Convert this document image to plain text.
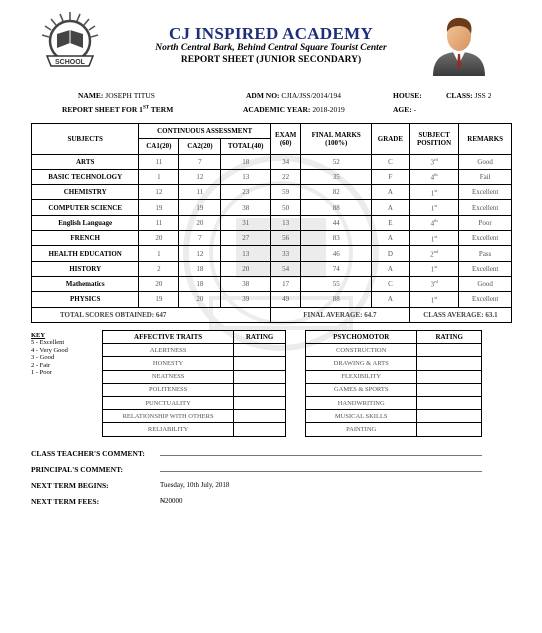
SCHOOL
CJ INSPIRED ACADEMY
North Central Bark, Behind Central Square Tourist Center
REPORT SHEET (JUNIOR SECONDARY)
NAME: JOSEPH TITUS	ADM NO: CJIA/JSS/2014/194	HOUSE:	CLASS: JSS 2
REPORT SHEET FOR 1ST TERM	ACADEMIC YEAR: 2018-2019	AGE: -
SUBJECTS	CONTINUOUS ASSESSMENT			EXAM (60)	FINAL MARKS (100%)	GRADE	SUBJECT POSITION	REMARKS
	CA1(20)	CA2(20)	TOTAL(40)					
ARTS	11	7	18	34	52	C	3rd	Good
BASIC TECHNOLOGY	1	12	13	22	35	F	4th	Fail
CHEMISTRY	12	11	23	59	82	A	1st	Excellent
COMPUTER SCIENCE	19	19	38	50	88	A	1st	Excellent
English Language	11	20	31	13	44	E	4th	Poor
FRENCH	20	7	27	56	83	A	1st	Excellent
HEALTH EDUCATION	1	12	13	33	46	D	2nd	Pass
HISTORY	2	18	20	54	74	A	1st	Excellent
Mathematics	20	18	38	17	55	C	3rd	Good
PHYSICS	19	20	39	49	88	A	1st	Excellent
TOTAL SCORES OBTAINED: 647				FINAL AVERAGE: 64.7			CLASS AVERAGE: 63.1	
KEY
5 - Excellent
4 - Very Good
3 - Good
2 - Fair
1 - Poor
AFFECTIVE TRAITS	RATING
ALERTNESS	
HONESTY	
NEATNESS	
POLITENESS	
PUNCTUALITY	
RELATIONSHIP WITH OTHERS	
RELIABILITY	
PSYCHOMOTOR	RATING
CONSTRUCTION	
DRAWING & ARTS	
FLEXIBILITY	
GAMES & SPORTS	
HANDWRITING	
MUSICAL SKILLS	
PAINTING	
CLASS TEACHER'S COMMENT:
PRINCIPAL'S COMMENT:
NEXT TERM BEGINS:	Tuesday, 10th July, 2018
NEXT TERM FEES:	₦20000
